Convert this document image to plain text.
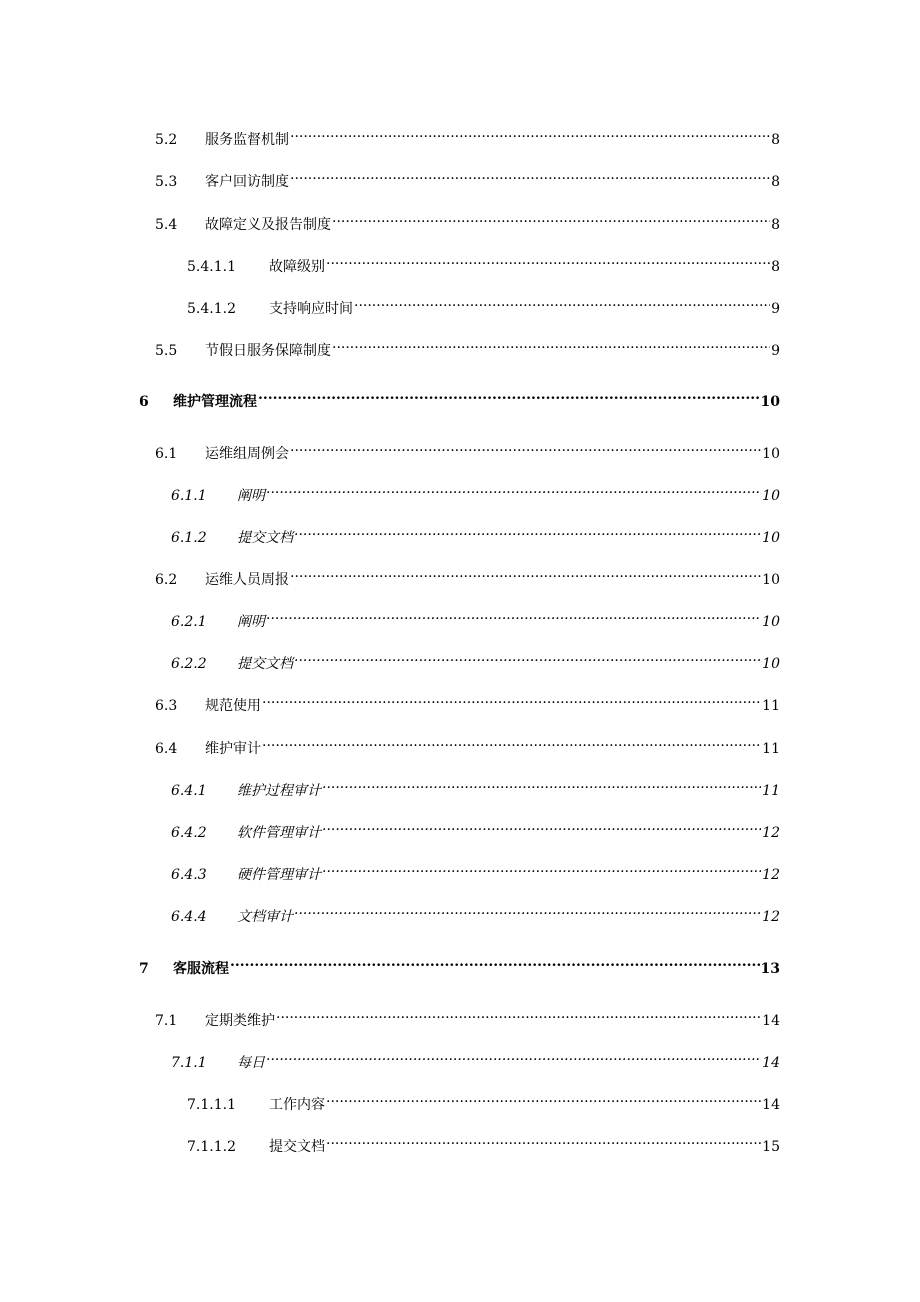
5.2	服务监督机制 .....	8
5.3	客户回访制度 .....	8
5.4	故障定义及报告制度 .....	8
5.4.1.1	故障级别 .....	8
5.4.1.2	支持响应时间 .....	9
5.5	节假日服务保障制度 .....	9
6	维护管理流程 .....	10
6.1	运维组周例会 .....	10
6.1.1	阐明 .....	10
6.1.2	提交文档 .....	10
6.2	运维人员周报 .....	10
6.2.1	阐明 .....	10
6.2.2	提交文档 .....	10
6.3	规范使用 .....	11
6.4	维护审计 .....	11
6.4.1	维护过程审计 .....	11
6.4.2	软件管理审计 .....	12
6.4.3	硬件管理审计 .....	12
6.4.4	文档审计 .....	12
7	客服流程 .....	13
7.1	定期类维护 .....	14
7.1.1	每日 .....	14
7.1.1.1	工作内容 .....	14
7.1.1.2	提交文档 .....	15
